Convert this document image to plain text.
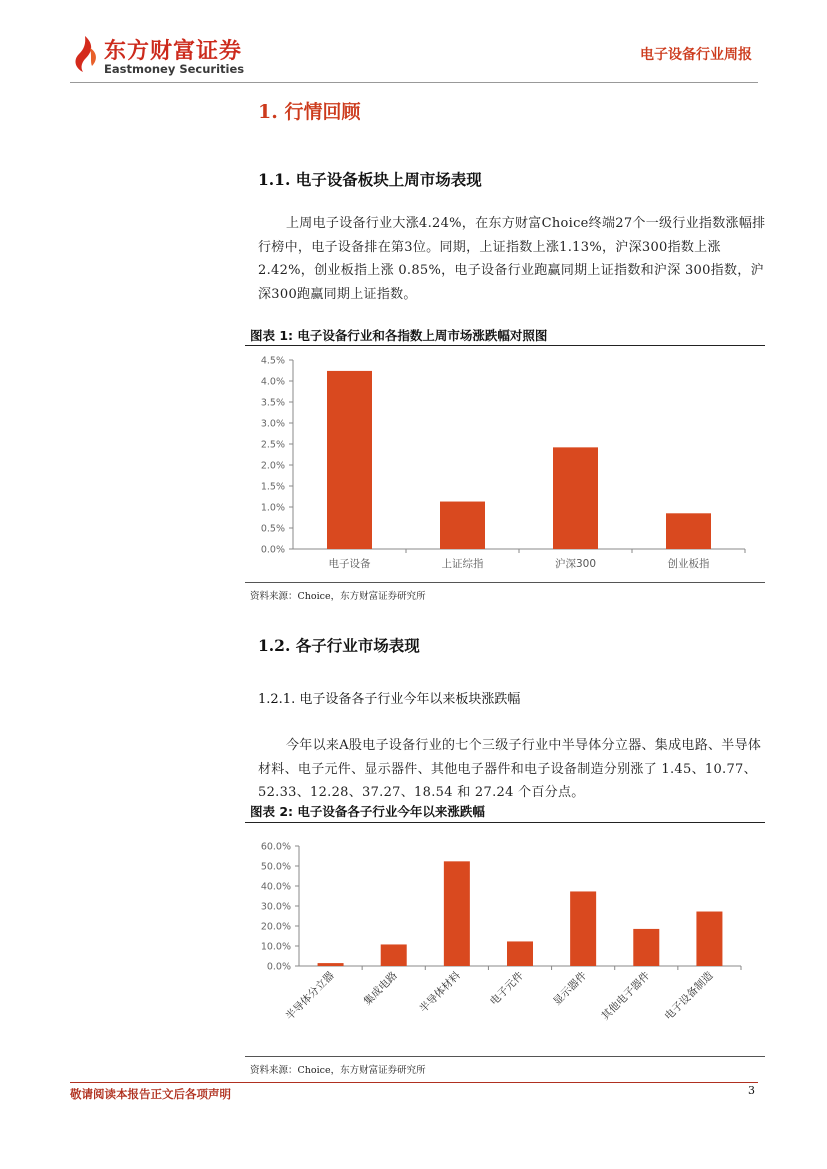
东方财富证券
Eastmoney Securities
电子设备行业周报
1. 行情回顾
1.1. 电子设备板块上周市场表现
上周电子设备行业大涨4.24%，在东方财富Choice终端27个一级行业指数涨幅排行榜中，电子设备排在第3位。同期，上证指数上涨1.13%，沪深300指数上涨 2.42%，创业板指上涨 0.85%，电子设备行业跑赢同期上证指数和沪深 300指数，沪深300跑赢同期上证指数。
图表 1: 电子设备行业和各指数上周市场涨跌幅对照图
0.0%
0.5%
1.0%
1.5%
2.0%
2.5%
3.0%
3.5%
4.0%
4.5%
电子设备	上证综指	沪深300	创业板指
资料来源：Choice，东方财富证券研究所
1.2. 各子行业市场表现
1.2.1. 电子设备各子行业今年以来板块涨跌幅
今年以来A股电子设备行业的七个三级子行业中半导体分立器、集成电路、半导体材料、电子元件、显示器件、其他电子器件和电子设备制造分别涨了 1.45、10.77、52.33、12.28、37.27、18.54 和 27.24 个百分点。
图表 2: 电子设备各子行业今年以来涨跌幅
0.0%
10.0%
20.0%
30.0%
40.0%
50.0%
60.0%
半导体分立器 集成电路 半导体材料 电子元件 显示器件 其他电子器件 电子设备制造
资料来源：Choice，东方财富证券研究所
敬请阅读本报告正文后各项声明	3
